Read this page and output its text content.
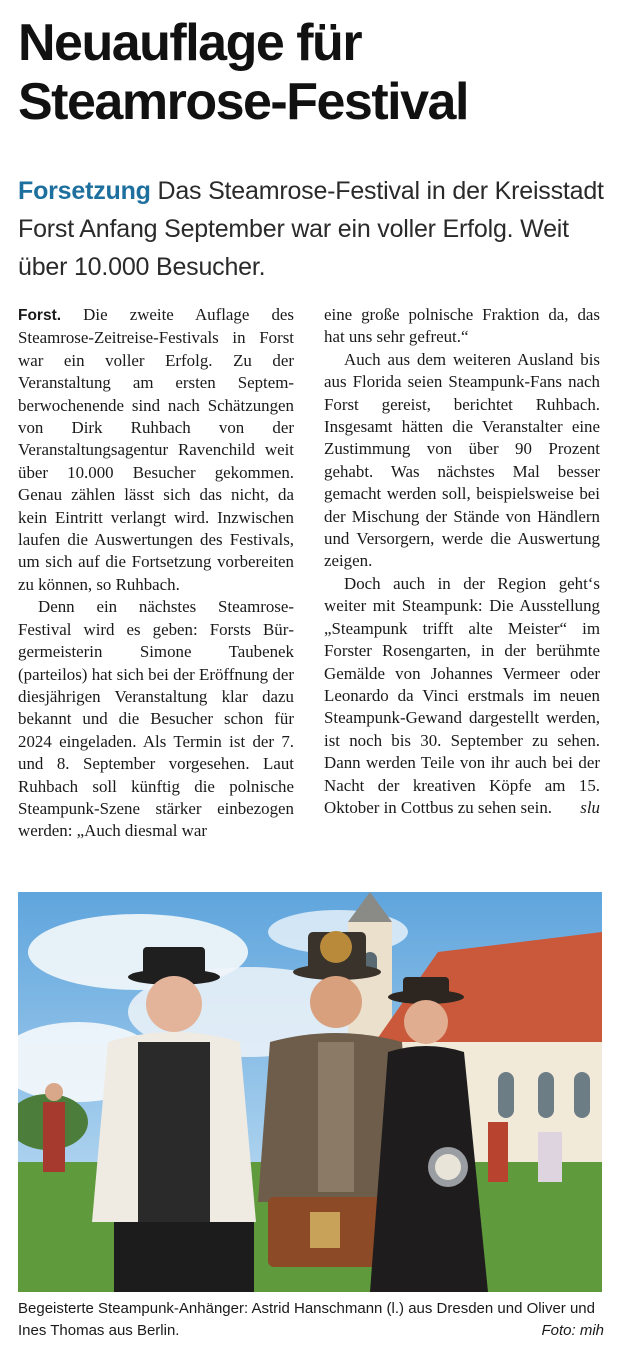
Neuauflage für
Steamrose-Festival

Forsetzung Das Steamrose-Festival in der Kreisstadt Forst Anfang September war ein voller Erfolg. Weit über 10.000 Besucher.

Forst. Die zweite Auflage des Steamrose-Zeitreise-Festivals in Forst war ein voller Erfolg. Zu der Veranstaltung am ersten Septemberwochenende sind nach Schätzungen von Dirk Ruhbach von der Veranstaltungsagentur Ravenchild weit über 10.000 Besucher gekommen. Genau zählen lässt sich das nicht, da kein Eintritt verlangt wird. Inzwischen laufen die Auswertungen des Festivals, um sich auf die Fortsetzung vorbereiten zu können, so Ruhbach.

Denn ein nächstes Steamrose-Festival wird es geben: Forsts Bürgermeisterin Simone Taubenek (parteilos) hat sich bei der Eröffnung der diesjährigen Veranstaltung klar dazu bekannt und die Besucher schon für 2024 eingeladen. Als Termin ist der 7. und 8. September vorgesehen. Laut Ruhbach soll künftig die polnische Steampunk-Szene stärker einbezogen werden: „Auch diesmal war

eine große polnische Fraktion da, das hat uns sehr gefreut.“

Auch aus dem weiteren Ausland bis aus Florida seien Steampunk-Fans nach Forst gereist, berichtet Ruhbach. Insgesamt hätten die Veranstalter eine Zustimmung von über 90 Prozent gehabt. Was nächstes Mal besser gemacht werden soll, beispielsweise bei der Mischung der Stände von Händlern und Versorgern, werde die Auswertung zeigen.

Doch auch in der Region geht‘s weiter mit Steampunk: Die Ausstellung „Steampunk trifft alte Meister“ im Forster Rosengarten, in der berühmte Gemälde von Johannes Vermeer oder Leonardo da Vinci erstmals im neuen Steampunk-Gewand dargestellt werden, ist noch bis 30. September zu sehen. Dann werden Teile von ihr auch bei der Nacht der kreativen Köpfe am 15. Oktober in Cottbus zu sehen sein.	slu

Begeisterte Steampunk-Anhänger: Astrid Hanschmann (l.) aus Dresden und Oliver und Ines Thomas aus Berlin.	Foto: mih
